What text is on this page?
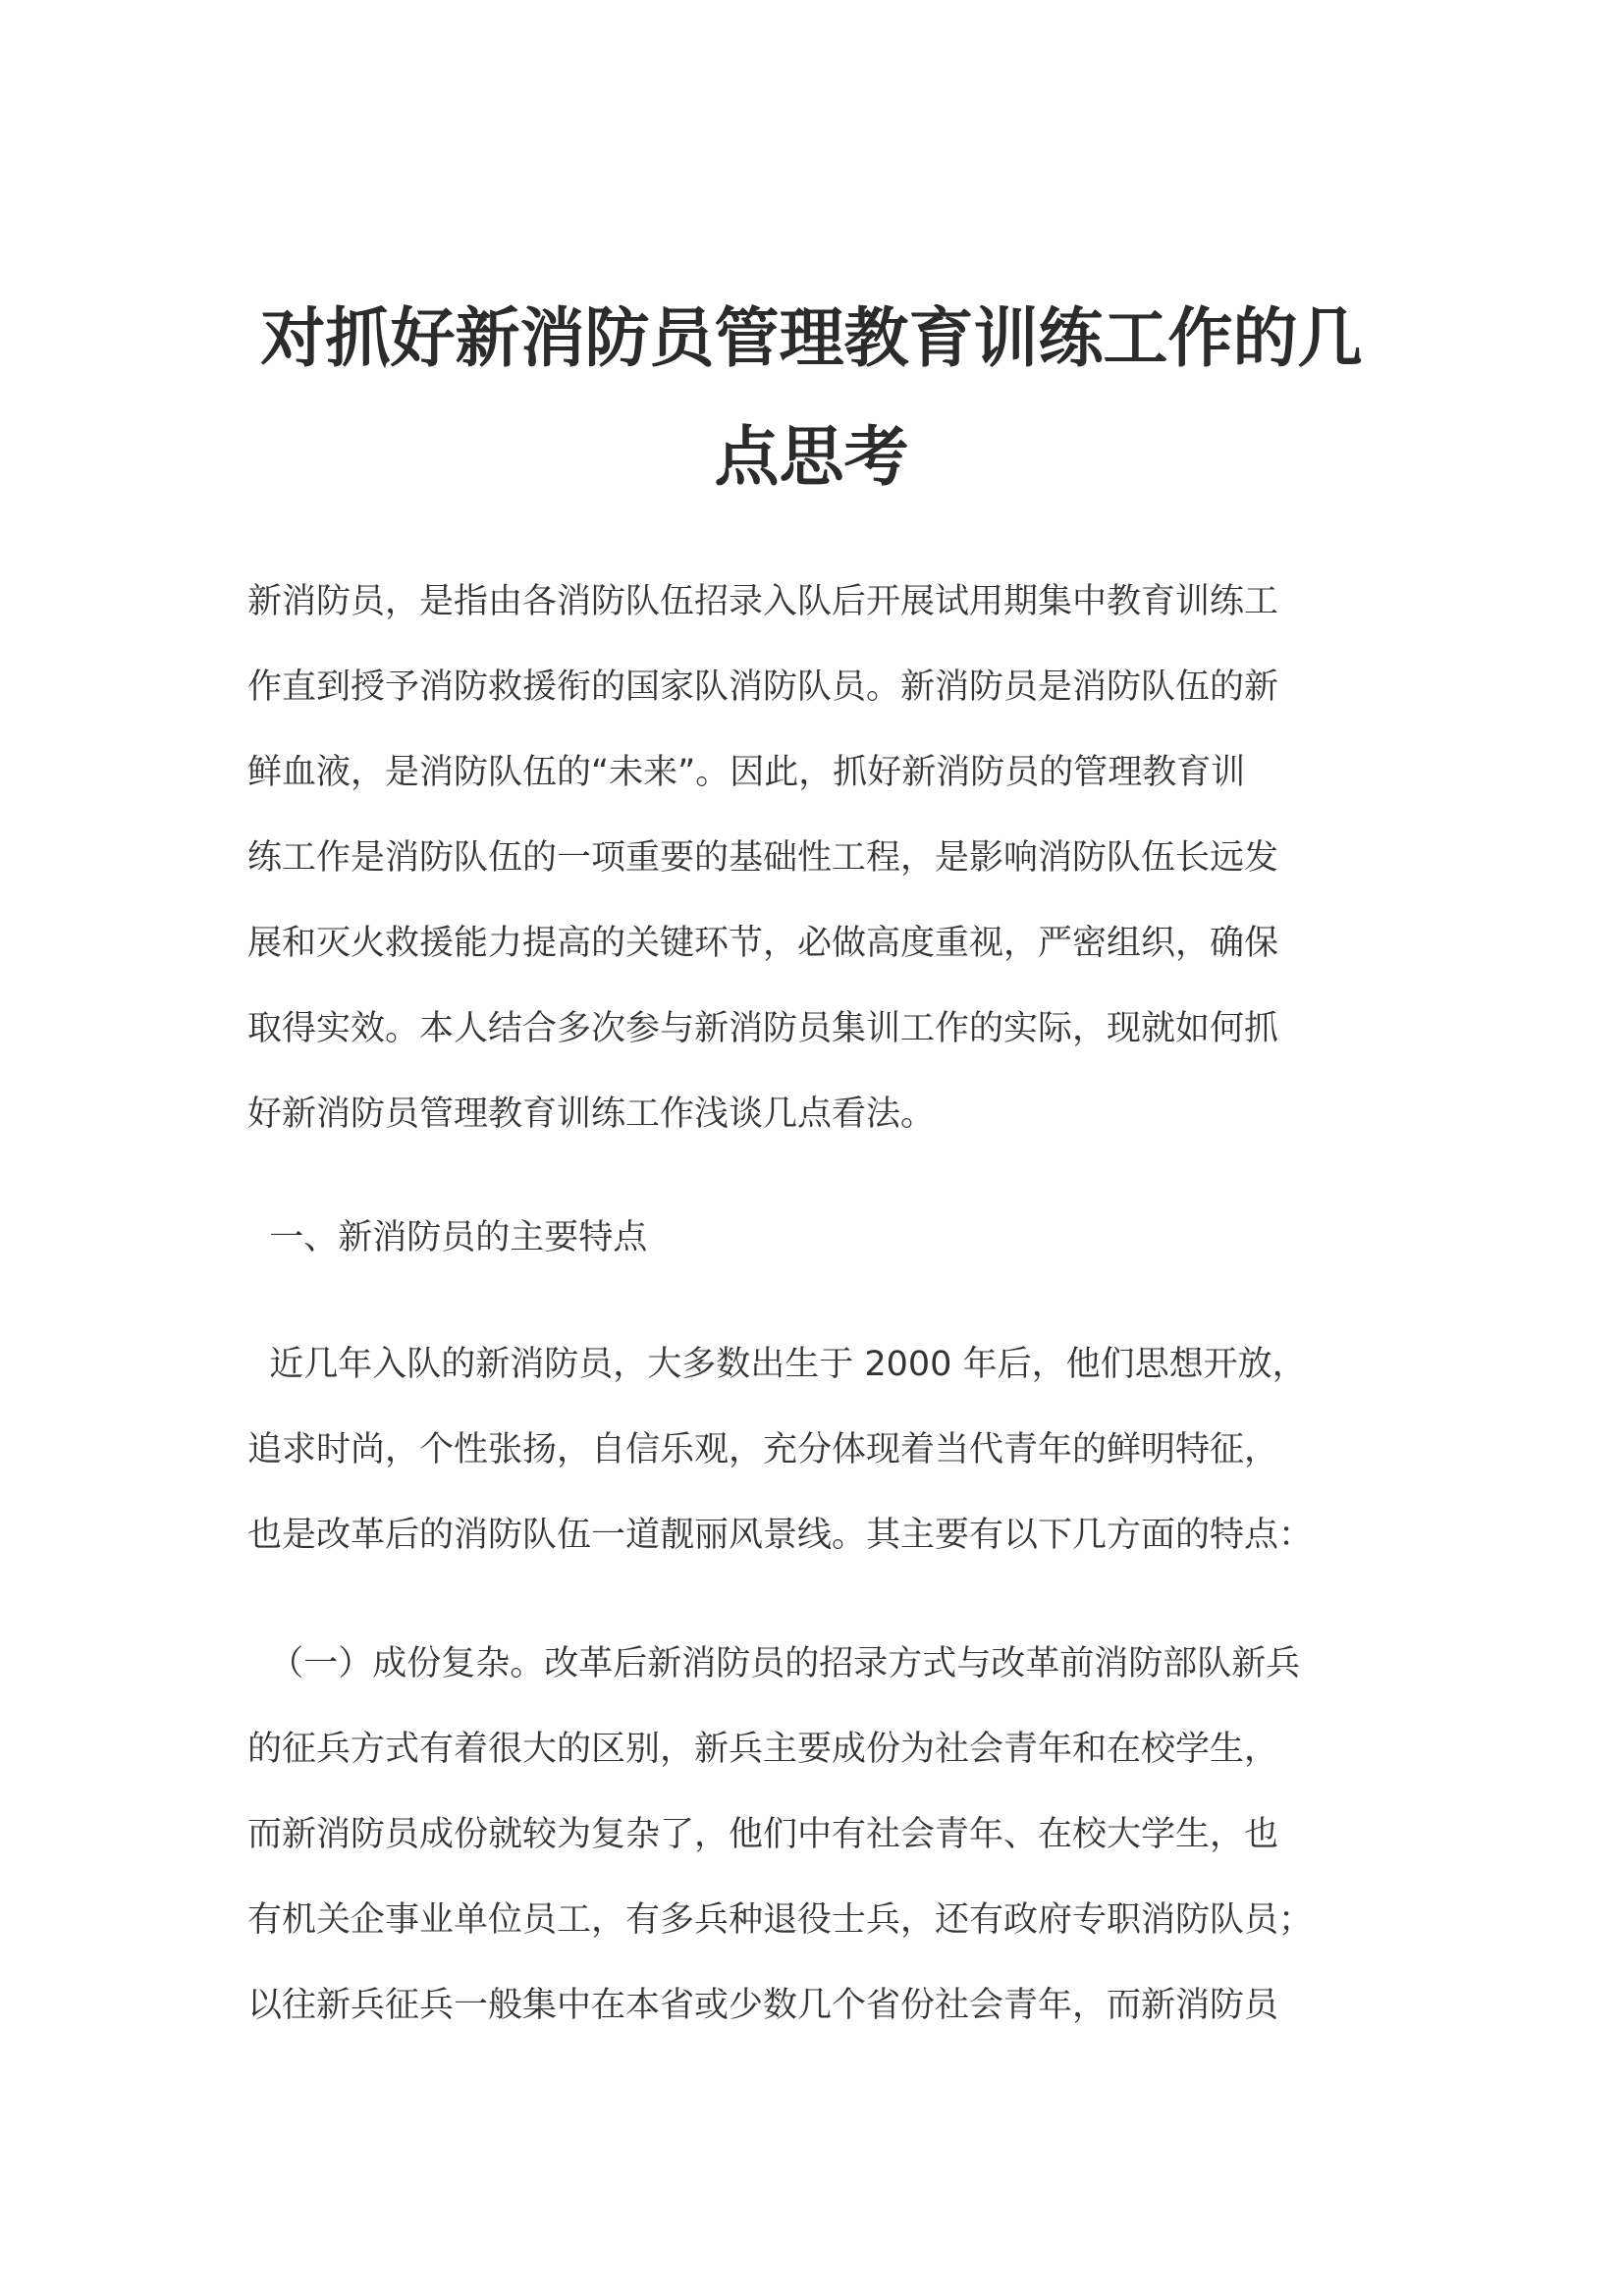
对抓好新消防员管理教育训练工作的几
点思考
新消防员，是指由各消防队伍招录入队后开展试用期集中教育训练工
作直到授予消防救援衔的国家队消防队员。新消防员是消防队伍的新
鲜血液，是消防队伍的“未来”。因此，抓好新消防员的管理教育训
练工作是消防队伍的一项重要的基础性工程，是影响消防队伍长远发
展和灭火救援能力提高的关键环节，必做高度重视，严密组织，确保
取得实效。本人结合多次参与新消防员集训工作的实际，现就如何抓
好新消防员管理教育训练工作浅谈几点看法。
一、新消防员的主要特点
近几年入队的新消防员，大多数出生于 2000 年后，他们思想开放，
追求时尚，个性张扬，自信乐观，充分体现着当代青年的鲜明特征，
也是改革后的消防队伍一道靓丽风景线。其主要有以下几方面的特点：
（一）成份复杂。改革后新消防员的招录方式与改革前消防部队新兵
的征兵方式有着很大的区别，新兵主要成份为社会青年和在校学生，
而新消防员成份就较为复杂了，他们中有社会青年、在校大学生，也
有机关企事业单位员工，有多兵种退役士兵，还有政府专职消防队员；
以往新兵征兵一般集中在本省或少数几个省份社会青年，而新消防员
